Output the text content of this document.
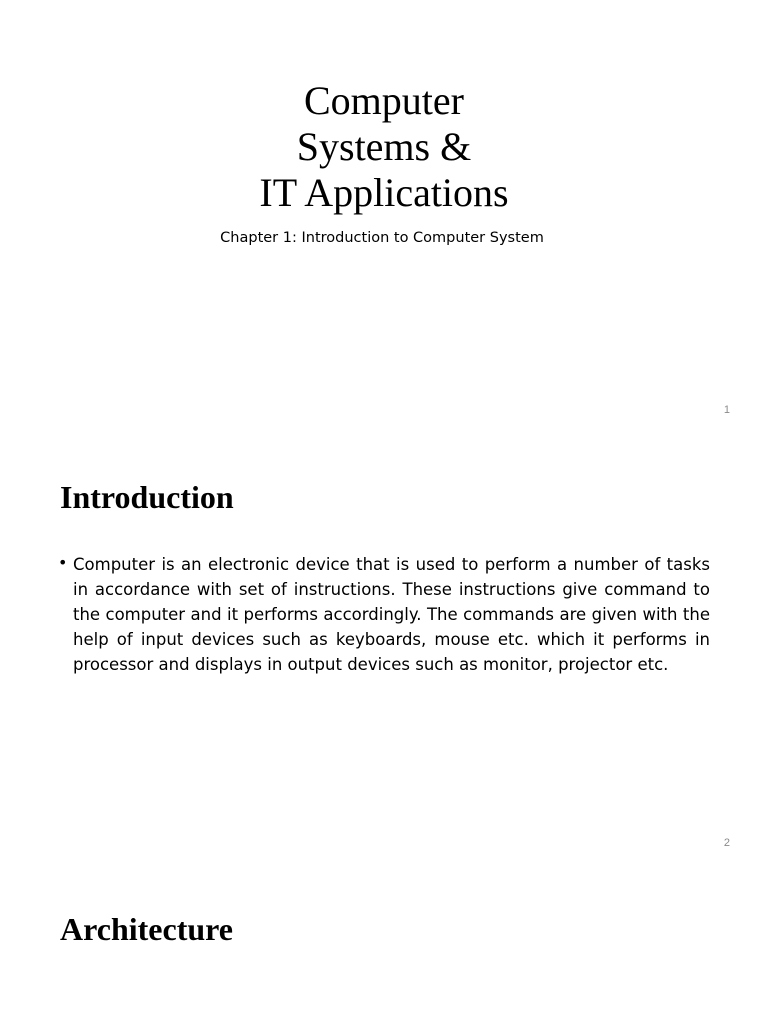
Computer
Systems &
IT Applications
Chapter 1: Introduction to Computer System
1
Introduction
• Computer is an electronic device that is used to perform a number of tasks in accordance with set of instructions. These instructions give command to the computer and it performs accordingly. The commands are given with the help of input devices such as keyboards, mouse etc. which it performs in processor and displays in output devices such as monitor, projector etc.

2
Architecture
